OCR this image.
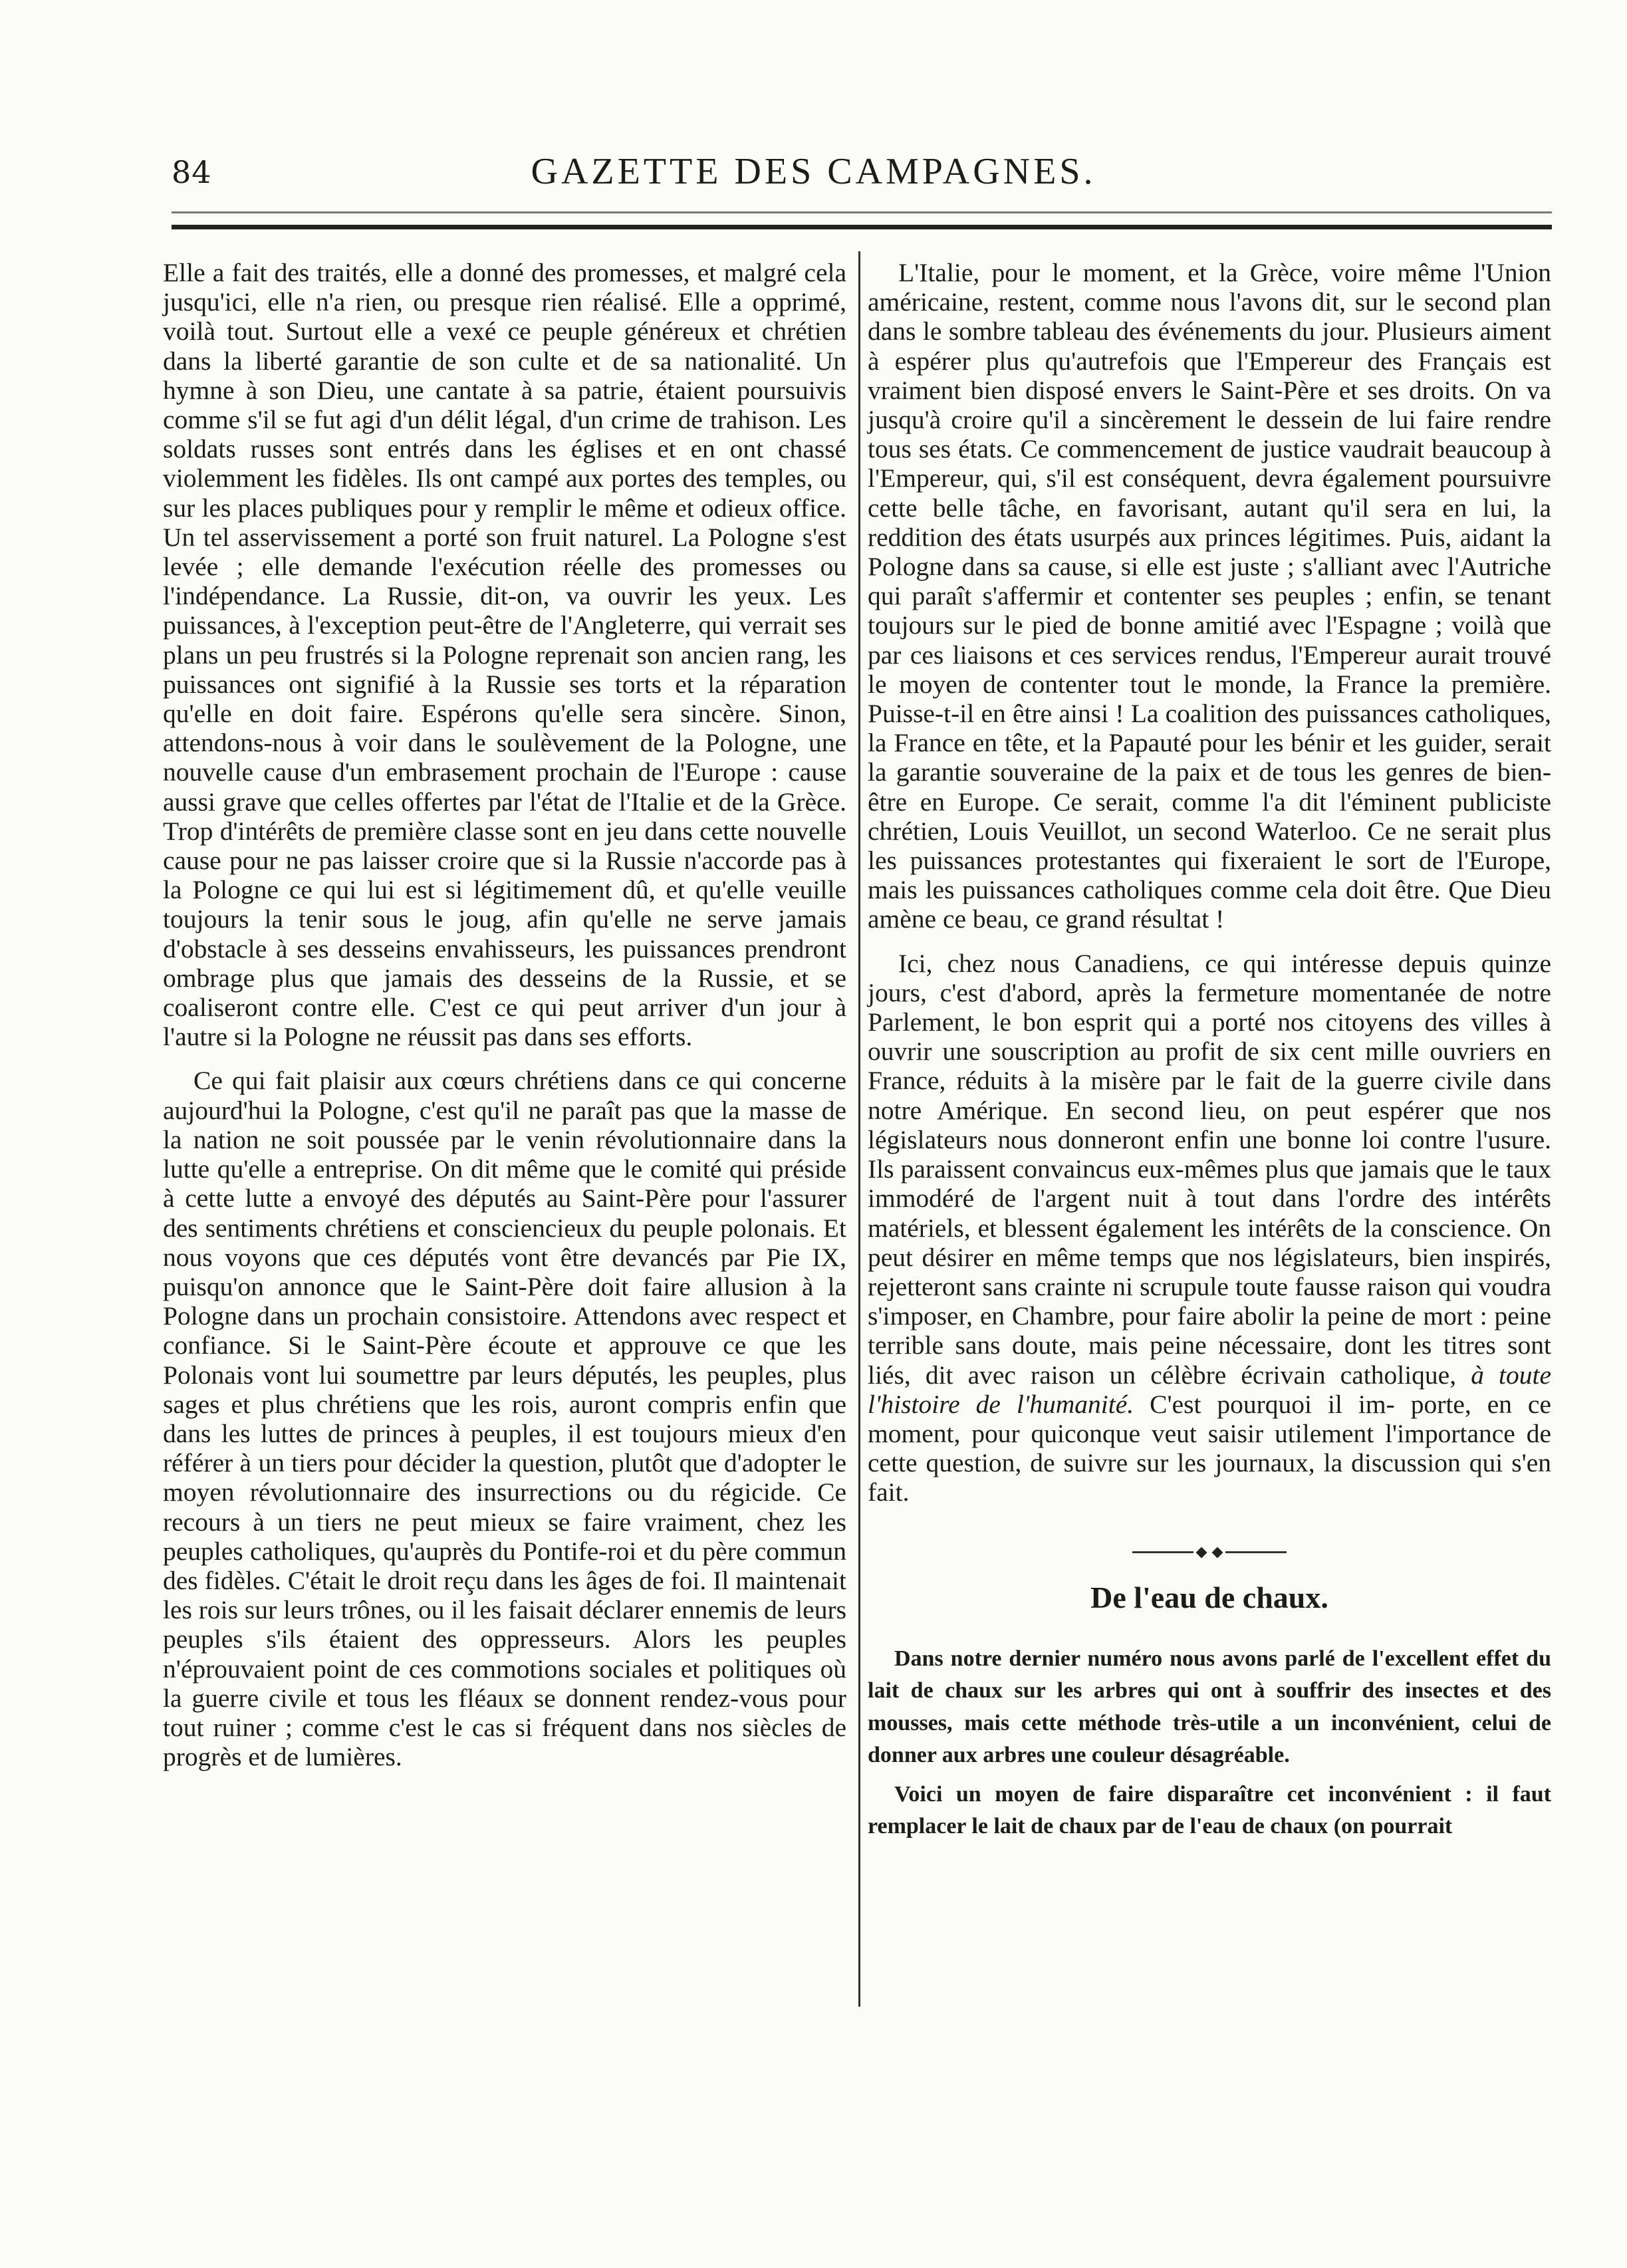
84	GAZETTE DES CAMPAGNES.

Elle a fait des traités, elle a donné des promesses, et malgré cela jusqu'ici, elle n'a rien, ou presque rien réalisé. Elle a opprimé, voilà tout. Surtout elle a vexé ce peuple généreux et chrétien dans la liberté garantie de son culte et de sa nationalité. Un hymne à son Dieu, une cantate à sa patrie, étaient poursuivis comme s'il se fut agi d'un délit légal, d'un crime de trahison. Les soldats russes sont entrés dans les églises et en ont chassé violemment les fidèles. Ils ont campé aux portes des temples, ou sur les places publiques pour y remplir le même et odieux office. Un tel asservissement a porté son fruit naturel. La Pologne s'est levée ; elle demande l'exécution réelle des promesses ou l'indépendance. La Russie, dit-on, va ouvrir les yeux. Les puissances, à l'exception peut-être de l'Angleterre, qui verrait ses plans un peu frustrés si la Pologne reprenait son ancien rang, les puissances ont signifié à la Russie ses torts et la réparation qu'elle en doit faire. Espérons qu'elle sera sincère. Sinon, attendons-nous à voir dans le soulèvement de la Pologne, une nouvelle cause d'un embrasement prochain de l'Europe : cause aussi grave que celles offertes par l'état de l'Italie et de la Grèce. Trop d'intérêts de première classe sont en jeu dans cette nouvelle cause pour ne pas laisser croire que si la Russie n'accorde pas à la Pologne ce qui lui est si légitimement dû, et qu'elle veuille toujours la tenir sous le joug, afin qu'elle ne serve jamais d'obstacle à ses desseins envahisseurs, les puissances prendront ombrage plus que jamais des desseins de la Russie, et se coaliseront contre elle. C'est ce qui peut arriver d'un jour à l'autre si la Pologne ne réussit pas dans ses efforts.

Ce qui fait plaisir aux cœurs chrétiens dans ce qui concerne aujourd'hui la Pologne, c'est qu'il ne paraît pas que la masse de la nation ne soit poussée par le venin révolutionnaire dans la lutte qu'elle a entreprise. On dit même que le comité qui préside à cette lutte a envoyé des députés au Saint-Père pour l'assurer des sentiments chrétiens et consciencieux du peuple polonais. Et nous voyons que ces députés vont être devancés par Pie IX, puisqu'on annonce que le Saint-Père doit faire allusion à la Pologne dans un prochain consistoire. Attendons avec respect et confiance. Si le Saint-Père écoute et approuve ce que les Polonais vont lui soumettre par leurs députés, les peuples, plus sages et plus chrétiens que les rois, auront compris enfin que dans les luttes de princes à peuples, il est toujours mieux d'en référer à un tiers pour décider la question, plutôt que d'adopter le moyen révolutionnaire des insurrections ou du régicide. Ce recours à un tiers ne peut mieux se faire vraiment, chez les peuples catholiques, qu'auprès du Pontife-roi et du père commun des fidèles. C'était le droit reçu dans les âges de foi. Il maintenait les rois sur leurs trônes, ou il les faisait déclarer ennemis de leurs peuples s'ils étaient des oppresseurs. Alors les peuples n'éprouvaient point de ces commotions sociales et politiques où la guerre civile et tous les fléaux se donnent rendez-vous pour tout ruiner ; comme c'est le cas si fréquent dans nos siècles de progrès et de lumières.

L'Italie, pour le moment, et la Grèce, voire même l'Union américaine, restent, comme nous l'avons dit, sur le second plan dans le sombre tableau des événements du jour. Plusieurs aiment à espérer plus qu'autrefois que l'Empereur des Français est vraiment bien disposé envers le Saint-Père et ses droits. On va jusqu'à croire qu'il a sincèrement le dessein de lui faire rendre tous ses états. Ce commencement de justice vaudrait beaucoup à l'Empereur, qui, s'il est conséquent, devra également poursuivre cette belle tâche, en favorisant, autant qu'il sera en lui, la reddition des états usurpés aux princes légitimes. Puis, aidant la Pologne dans sa cause, si elle est juste ; s'alliant avec l'Autriche qui paraît s'affermir et contenter ses peuples ; enfin, se tenant toujours sur le pied de bonne amitié avec l'Espagne ; voilà que par ces liaisons et ces services rendus, l'Empereur aurait trouvé le moyen de contenter tout le monde, la France la première. Puisse-t-il en être ainsi ! La coalition des puissances catholiques, la France en tête, et la Papauté pour les bénir et les guider, serait la garantie souveraine de la paix et de tous les genres de bien-être en Europe. Ce serait, comme l'a dit l'éminent publiciste chrétien, Louis Veuillot, un second Waterloo. Ce ne serait plus les puissances protestantes qui fixeraient le sort de l'Europe, mais les puissances catholiques comme cela doit être. Que Dieu amène ce beau, ce grand résultat !

Ici, chez nous Canadiens, ce qui intéresse depuis quinze jours, c'est d'abord, après la fermeture momentanée de notre Parlement, le bon esprit qui a porté nos citoyens des villes à ouvrir une souscription au profit de six cent mille ouvriers en France, réduits à la misère par le fait de la guerre civile dans notre Amérique. En second lieu, on peut espérer que nos législateurs nous donneront enfin une bonne loi contre l'usure. Ils paraissent convaincus eux-mêmes plus que jamais que le taux immodéré de l'argent nuit à tout dans l'ordre des intérêts matériels, et blessent également les intérêts de la conscience. On peut désirer en même temps que nos législateurs, bien inspirés, rejetteront sans crainte ni scrupule toute fausse raison qui voudra s'imposer, en Chambre, pour faire abolir la peine de mort : peine terrible sans doute, mais peine nécessaire, dont les titres sont liés, dit avec raison un célèbre écrivain catholique, à toute l'histoire de l'humanité. C'est pourquoi il im- porte, en ce moment, pour quiconque veut saisir utilement l'importance de cette question, de suivre sur les journaux, la discussion qui s'en fait.

De l'eau de chaux.

Dans notre dernier numéro nous avons parlé de l'excellent effet du lait de chaux sur les arbres qui ont à souffrir des insectes et des mousses, mais cette méthode très-utile a un inconvénient, celui de donner aux arbres une couleur désagréable.

Voici un moyen de faire disparaître cet inconvénient : il faut remplacer le lait de chaux par de l'eau de chaux (on pourrait
